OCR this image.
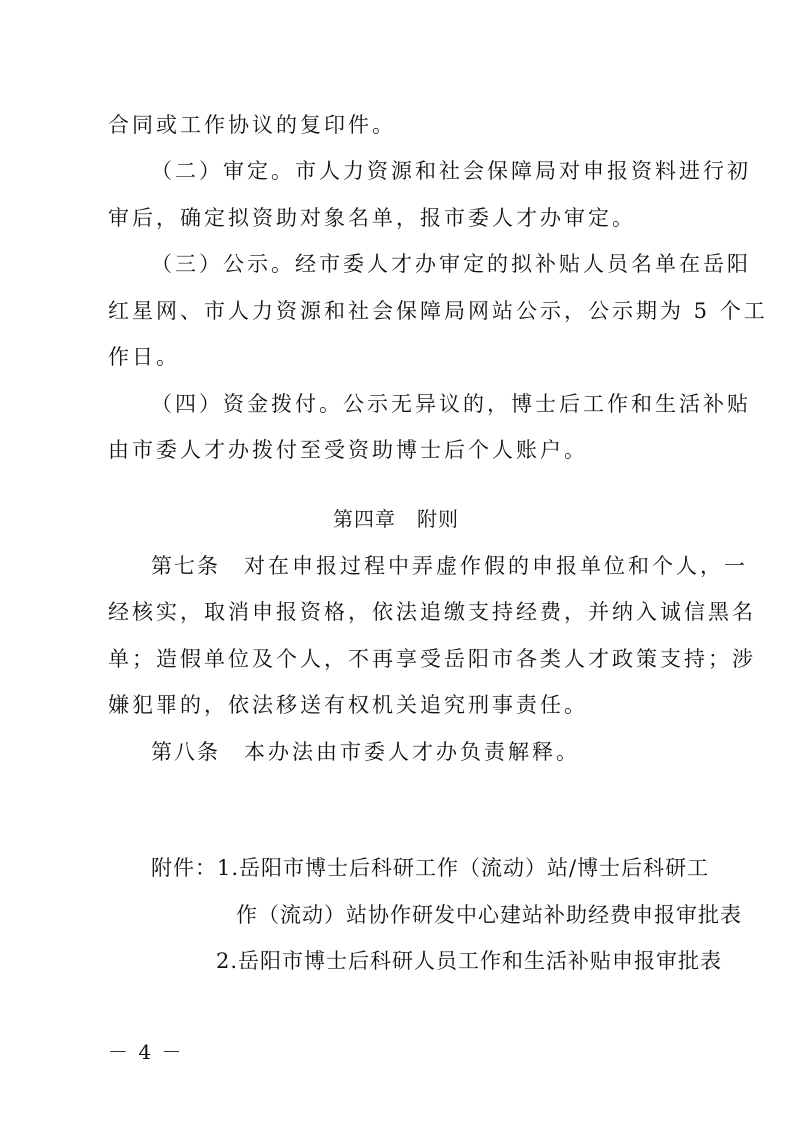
合同或工作协议的复印件。
（二）审定。市人力资源和社会保障局对申报资料进行初
审后，确定拟资助对象名单，报市委人才办审定。
（三）公示。经市委人才办审定的拟补贴人员名单在岳阳
红星网、市人力资源和社会保障局网站公示，公示期为 5 个工
作日。
（四）资金拨付。公示无异议的，博士后工作和生活补贴
由市委人才办拨付至受资助博士后个人账户。
第四章　附则
第七条　对在申报过程中弄虚作假的申报单位和个人，一
经核实，取消申报资格，依法追缴支持经费，并纳入诚信黑名
单；造假单位及个人，不再享受岳阳市各类人才政策支持；涉
嫌犯罪的，依法移送有权机关追究刑事责任。
第八条　本办法由市委人才办负责解释。
附件：1.岳阳市博士后科研工作（流动）站/博士后科研工
作（流动）站协作研发中心建站补助经费申报审批表
2.岳阳市博士后科研人员工作和生活补贴申报审批表
－ 4 －
